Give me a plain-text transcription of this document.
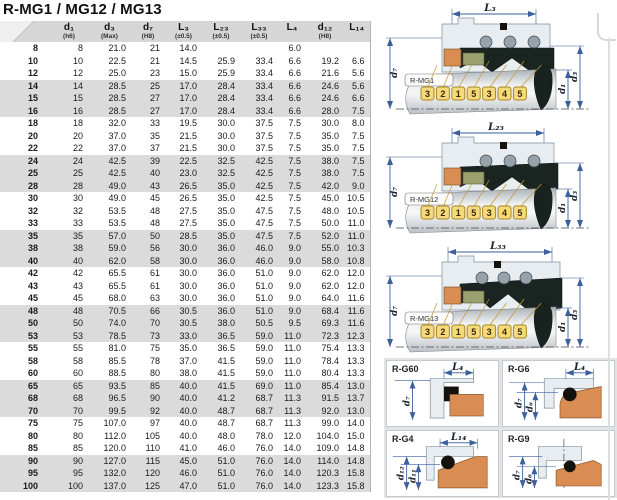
R-MG1 / MG12 / MG13

d₁
(h6)

d₃
(Max)

d₇
(H8)

L₃
(±0.5)

L₂₃
(±0.5)

L₃₃
(±0.5)

L₄	d₁₂
(H8)

L₁₄

8	8	21.0	21	14.0			6.0		
10	10	22.5	21	14.5	25.9	33.4	6.6	19.2	6.6
12	12	25.0	23	15.0	25.9	33.4	6.6	21.6	5.6
14	14	28.5	25	17.0	28.4	33.4	6.6	24.6	5.6
15	15	28.5	27	17.0	28.4	33.4	6.6	24.6	6.6
16	16	28.5	27	17.0	28.4	33.4	6.6	28.0	7.5
18	18	32.0	33	19.5	30.0	37.5	7.5	30.0	8.0
20	20	37.0	35	21.5	30.0	37.5	7.5	35.0	7.5
22	22	37.0	37	21.5	30.0	37.5	7.5	35.0	7.5
24	24	42.5	39	22.5	32.5	42.5	7.5	38.0	7.5
25	25	42.5	40	23.0	32.5	42.5	7.5	38.0	7.5
28	28	49.0	43	26.5	35.0	42.5	7.5	42.0	9.0
30	30	49.0	45	26.5	35.0	42.5	7.5	45.0	10.5
32	32	53.5	48	27.5	35.0	47.5	7.5	48.0	10.5
33	33	53.5	48	27.5	35.0	47.5	7.5	50.0	11.0
35	35	57.0	50	28.5	35.0	47.5	7.5	52.0	11.0
38	38	59.0	56	30.0	36.0	46.0	9.0	55.0	10.3
40	40	62.0	58	30.0	36.0	46.0	9.0	58.0	10.8
42	42	65.5	61	30.0	36.0	51.0	9.0	62.0	12.0
43	43	65.5	61	30.0	36.0	51.0	9.0	62.0	12.0
45	45	68.0	63	30.0	36.0	51.0	9.0	64.0	11.6
48	48	70.5	66	30.5	36.0	51.0	9.0	68.4	11.6
50	50	74.0	70	30.5	38.0	50.5	9.5	69.3	11.6
53	53	78.5	73	33.0	36.5	59.0	11.0	72.3	12.3
55	55	81.0	75	35.0	36.5	59.0	11.0	75.4	13.3
58	58	85.5	78	37.0	41.5	59.0	11.0	78.4	13.3
60	60	88.5	80	38.0	41.5	59.0	11.0	80.4	13.3
65	65	93.5	85	40.0	41.5	69.0	11.0	85.4	13.0
68	68	96.5	90	40.0	41.2	68.7	11.3	91.5	13.7
70	70	99.5	92	40.0	48.7	68.7	11.3	92.0	13.0
75	75	107.0	97	40.0	48.7	68.7	11.3	99.0	14.0
80	80	112.0	105	40.0	48.0	78.0	12.0	104.0	15.0
85	85	120.0	110	41.0	46.0	76.0	14.0	109.0	14.8
90	90	127.0	115	45.0	51.0	76.0	14.0	114.0	14.8
95	95	132.0	120	46.0	51.0	76.0	14.0	120.3	15.8
100	100	137.0	125	47.0	51.0	76.0	14.0	123.3	15.8
L₃
R-MG1
3 2 1 5 3 4 5
d₇
d₁
d₃
L₂₃
R-MG12
3 2 1 5 3 4 5
d₇
d₁
d₃
L₃₃
R-MG13
3 2 1 5 3 4 5
d₇
d₁
d₃
R-G60	L₄
d₇
R-G6	L₄
d₇ d₆
R-G4	L₁₄
d₁₂ d₁₁
R-G9
d₇ d₆
